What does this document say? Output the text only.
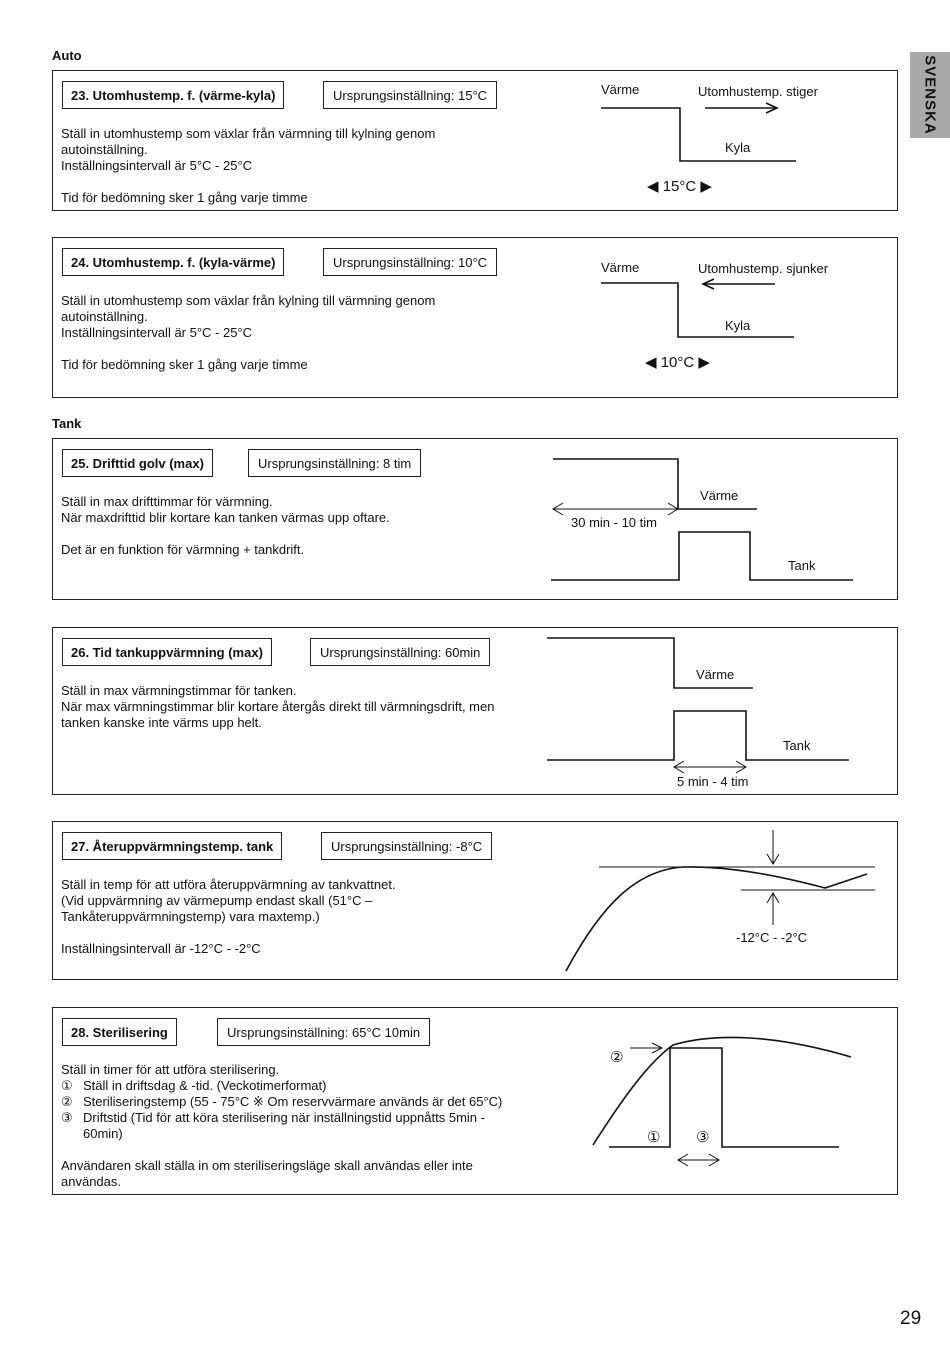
SVENSKA
Auto
23. Utomhustemp. f. (värme-kyla)	Ursprungsinställning: 15°C
Ställ in utomhustemp som växlar från värmning till kylning genom
autoinställning.
Inställningsintervall är 5°C - 25°C
Tid för bedömning sker 1 gång varje timme
Värme	Utomhustemp. stiger
Kyla
◀ 15°C ▶
24. Utomhustemp. f. (kyla-värme)	Ursprungsinställning: 10°C
Ställ in utomhustemp som växlar från kylning till värmning genom
autoinställning.
Inställningsintervall är 5°C - 25°C
Tid för bedömning sker 1 gång varje timme
Värme	Utomhustemp. sjunker
Kyla
◀ 10°C ▶
Tank
25. Drifttid golv (max)	Ursprungsinställning: 8 tim
Ställ in max drifttimmar för värmning.
När maxdrifttid blir kortare kan tanken värmas upp oftare.
Det är en funktion för värmning + tankdrift.
30 min - 10 tim
Värme
Tank
26. Tid tankuppvärmning (max)	Ursprungsinställning: 60min
Ställ in max värmningstimmar för tanken.
När max värmningstimmar blir kortare återgås direkt till värmningsdrift, men
tanken kanske inte värms upp helt.
Värme
Tank
5 min - 4 tim
27. Återuppvärmningstemp. tank	Ursprungsinställning: -8°C
Ställ in temp för att utföra återuppvärmning av tankvattnet.
(Vid uppvärmning av värmepump endast skall (51°C –
Tankåteruppvärmningstemp) vara maxtemp.)
Inställningsintervall är -12°C - -2°C
-12°C - -2°C
28. Sterilisering	Ursprungsinställning: 65°C 10min
Ställ in timer för att utföra sterilisering.
① Ställ in driftsdag & -tid. (Veckotimerformat)
② Steriliseringstemp (55 - 75°C ※ Om reservvärmare används är det 65°C)
③ Driftstid (Tid för att köra sterilisering när inställningstid uppnåtts 5min -
60min)
Användaren skall ställa in om steriliseringsläge skall användas eller inte
användas.
②
① ③
29
